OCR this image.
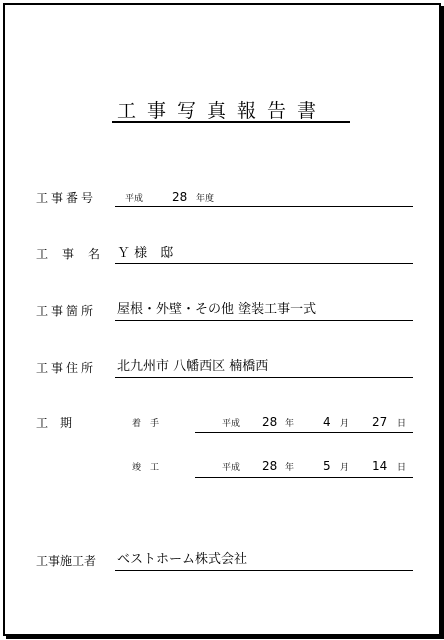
工事写真報告書
工事番号	平成 28 年度
工事名 Ｙ 様　邸
工事箇所 屋根・外壁・その他 塗装工事一式
工事住所 北九州市 八幡西区 楠橋西
工　期	着　手	平成 28 年 4 月 27 日
竣　工	平成 28 年 5 月 14 日
工事施工者 ベストホーム株式会社
